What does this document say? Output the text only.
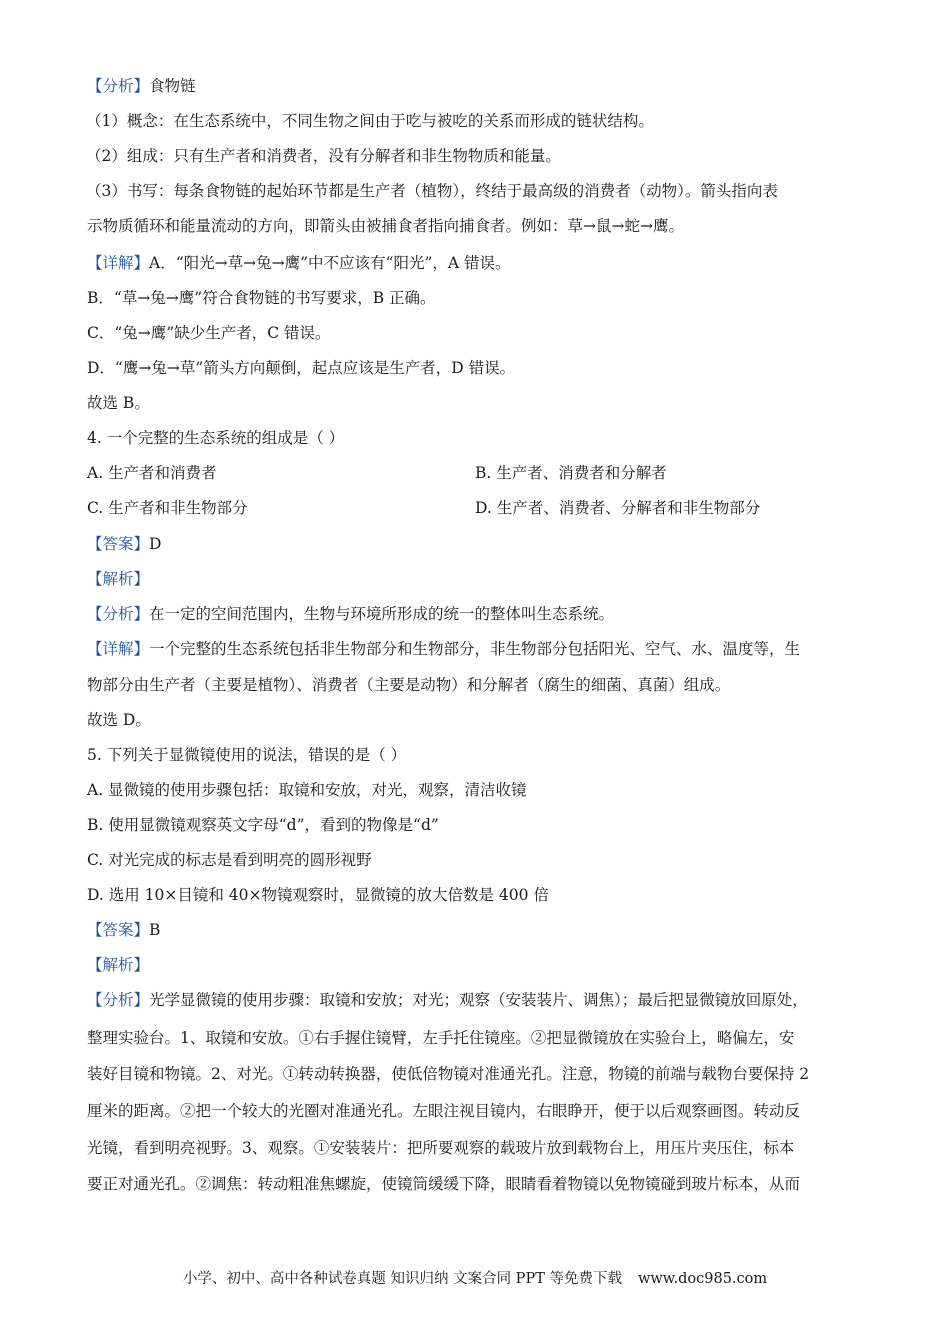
【分析】食物链
（1）概念：在生态系统中，不同生物之间由于吃与被吃的关系而形成的链状结构。
（2）组成：只有生产者和消费者，没有分解者和非生物物质和能量。
（3）书写：每条食物链的起始环节都是生产者（植物），终结于最高级的消费者（动物）。箭头指向表
示物质循环和能量流动的方向，即箭头由被捕食者指向捕食者。例如：草→鼠→蛇→鹰。
【详解】A．“阳光→草→兔→鹰”中不应该有“阳光”，A 错误。
B．“草→兔→鹰”符合食物链的书写要求，B 正确。
C．“兔→鹰”缺少生产者，C 错误。
D．“鹰→兔→草”箭头方向颠倒，起点应该是生产者，D 错误。
故选 B。
4. 一个完整的生态系统的组成是（ ）
A. 生产者和消费者	B. 生产者、消费者和分解者
C. 生产者和非生物部分	D. 生产者、消费者、分解者和非生物部分
【答案】D
【解析】
【分析】在一定的空间范围内，生物与环境所形成的统一的整体叫生态系统。
【详解】一个完整的生态系统包括非生物部分和生物部分，非生物部分包括阳光、空气、水、温度等，生
物部分由生产者（主要是植物）、消费者（主要是动物）和分解者（腐生的细菌、真菌）组成。
故选 D。
5. 下列关于显微镜使用的说法，错误的是（ ）
A. 显微镜的使用步骤包括：取镜和安放，对光，观察，清洁收镜
B. 使用显微镜观察英文字母“d”，看到的物像是“d”
C. 对光完成的标志是看到明亮的圆形视野
D. 选用 10×目镜和 40×物镜观察时，显微镜的放大倍数是 400 倍
【答案】B
【解析】
【分析】光学显微镜的使用步骤：取镜和安放；对光；观察（安装装片、调焦）；最后把显微镜放回原处，
整理实验台。1、取镜和安放。①右手握住镜臂，左手托住镜座。②把显微镜放在实验台上，略偏左，安
装好目镜和物镜。2、对光。①转动转换器，使低倍物镜对准通光孔。注意，物镜的前端与载物台要保持 2
厘米的距离。②把一个较大的光圈对准通光孔。左眼注视目镜内，右眼睁开，便于以后观察画图。转动反
光镜，看到明亮视野。3、观察。①安装装片：把所要观察的载玻片放到载物台上，用压片夹压住，标本
要正对通光孔。②调焦：转动粗准焦螺旋，使镜筒缓缓下降，眼睛看着物镜以免物镜碰到玻片标本，从而
小学、初中、高中各种试卷真题 知识归纳 文案合同 PPT 等免费下载 www.doc985.com
